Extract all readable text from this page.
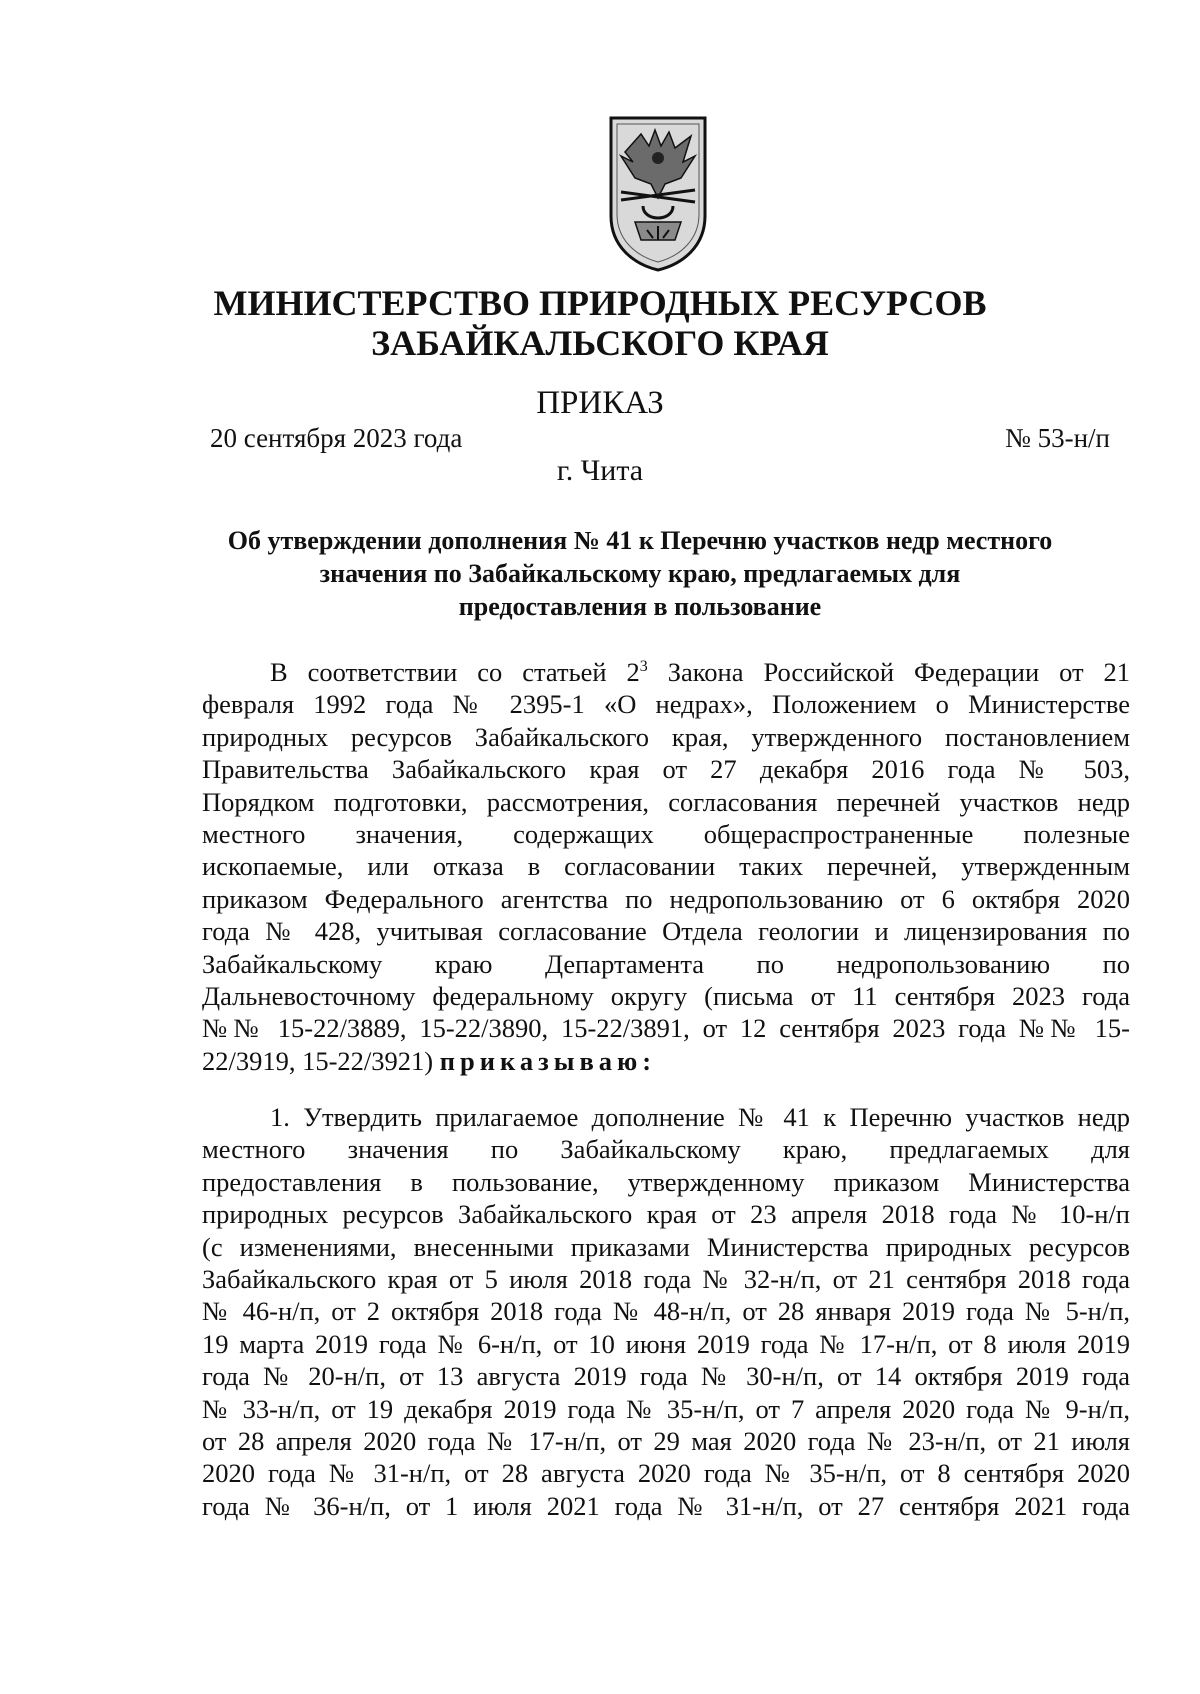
МИНИСТЕРСТВО ПРИРОДНЫХ РЕСУРСОВ
ЗАБАЙКАЛЬСКОГО КРАЯ
ПРИКАЗ
20 сентября 2023 года	№ 53-н/п
г. Чита
Об утверждении дополнения № 41 к Перечню участков недр местного
значения по Забайкальскому краю, предлагаемых для
предоставления в пользование
В соответствии со статьей $2^3$ Закона Российской Федерации от 21
февраля 1992 года № 2395-1 «О недрах», Положением о Министерстве
природных ресурсов Забайкальского края, утвержденного постановлением
Правительства Забайкальского края от 27 декабря 2016 года № 503,
Порядком подготовки, рассмотрения, согласования перечней участков недр
местного значения, содержащих общераспространенные полезные
ископаемые, или отказа в согласовании таких перечней, утвержденным
приказом Федерального агентства по недропользованию от 6 октября 2020
года № 428, учитывая согласование Отдела геологии и лицензирования по
Забайкальскому краю Департамента по недропользованию по
Дальневосточному федеральному округу (письма от 11 сентября 2023 года
№№ 15-22/3889, 15-22/3890, 15-22/3891, от 12 сентября 2023 года №№ 15-
22/3919, 15-22/3921) приказываю:
1. Утвердить прилагаемое дополнение № 41 к Перечню участков недр
местного значения по Забайкальскому краю, предлагаемых для
предоставления в пользование, утвержденному приказом Министерства
природных ресурсов Забайкальского края от 23 апреля 2018 года № 10-н/п
(с изменениями, внесенными приказами Министерства природных ресурсов
Забайкальского края от 5 июля 2018 года № 32-н/п, от 21 сентября 2018 года
№ 46-н/п, от 2 октября 2018 года № 48-н/п, от 28 января 2019 года № 5-н/п,
19 марта 2019 года № 6-н/п, от 10 июня 2019 года № 17-н/п, от 8 июля 2019
года № 20-н/п, от 13 августа 2019 года № 30-н/п, от 14 октября 2019 года
№ 33-н/п, от 19 декабря 2019 года № 35-н/п, от 7 апреля 2020 года № 9-н/п,
от 28 апреля 2020 года № 17-н/п, от 29 мая 2020 года № 23-н/п, от 21 июля
2020 года № 31-н/п, от 28 августа 2020 года № 35-н/п, от 8 сентября 2020
года № 36-н/п, от 1 июля 2021 года № 31-н/п, от 27 сентября 2021 года
